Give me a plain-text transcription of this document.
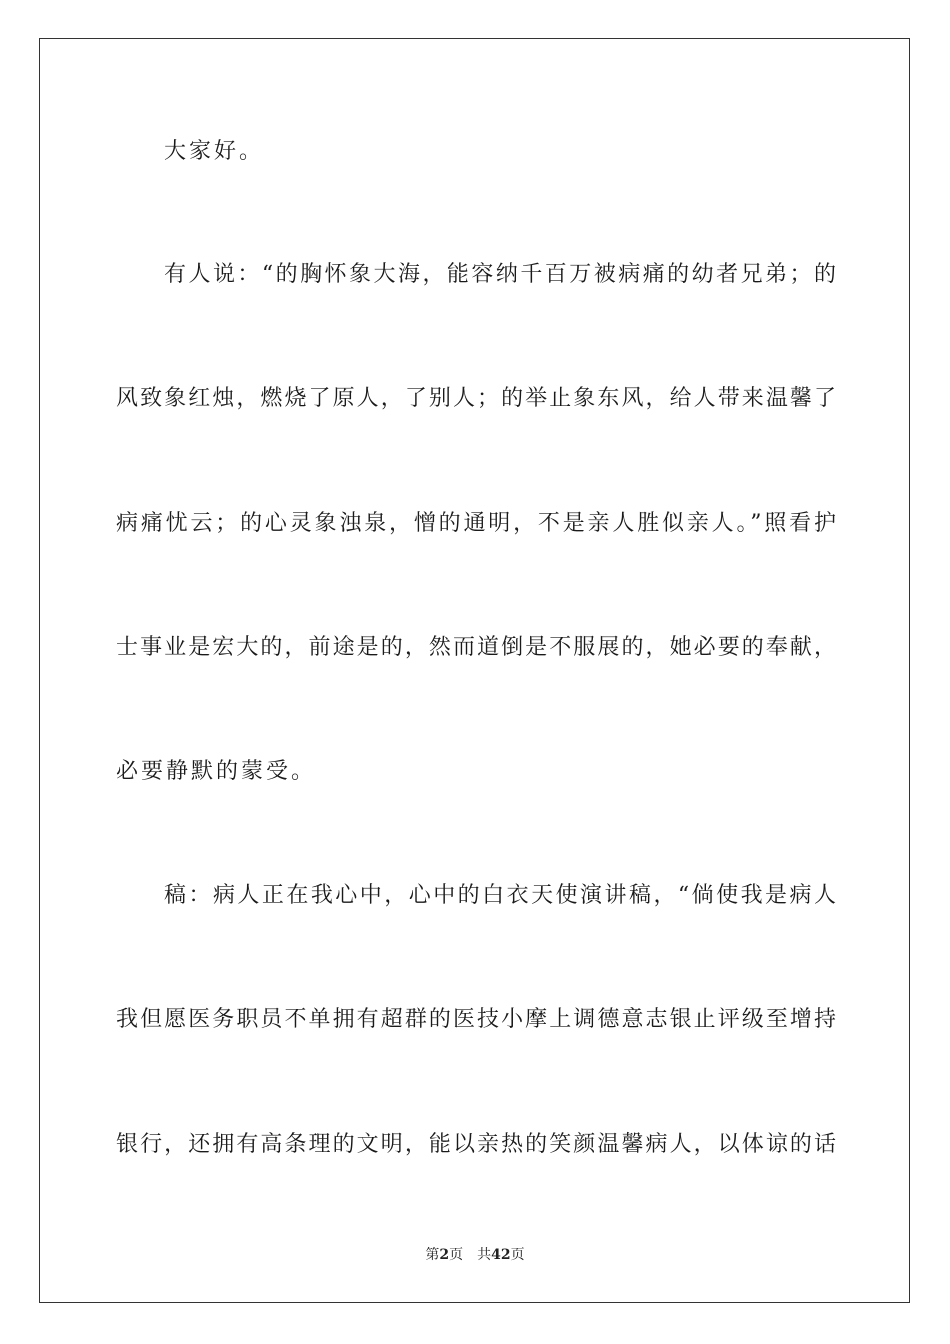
大家好。
有人说：“的胸怀象大海，能容纳千百万被病痛的幼者兄弟；的
风致象红烛，燃烧了原人，了别人；的举止象东风，给人带来温馨了
病痛忧云；的心灵象浊泉，憎的通明，不是亲人胜似亲人。”照看护
士事业是宏大的，前途是的，然而道倒是不服展的，她必要的奉献，
必要静默的蒙受。
稿：病人正在我心中，心中的白衣天使演讲稿，“倘使我是病人
我但愿医务职员不单拥有超群的医技小摩上调德意志银止评级至增持
银行，还拥有高条理的文明，能以亲热的笑颜温馨病人，以体谅的话
第2页 共42页
